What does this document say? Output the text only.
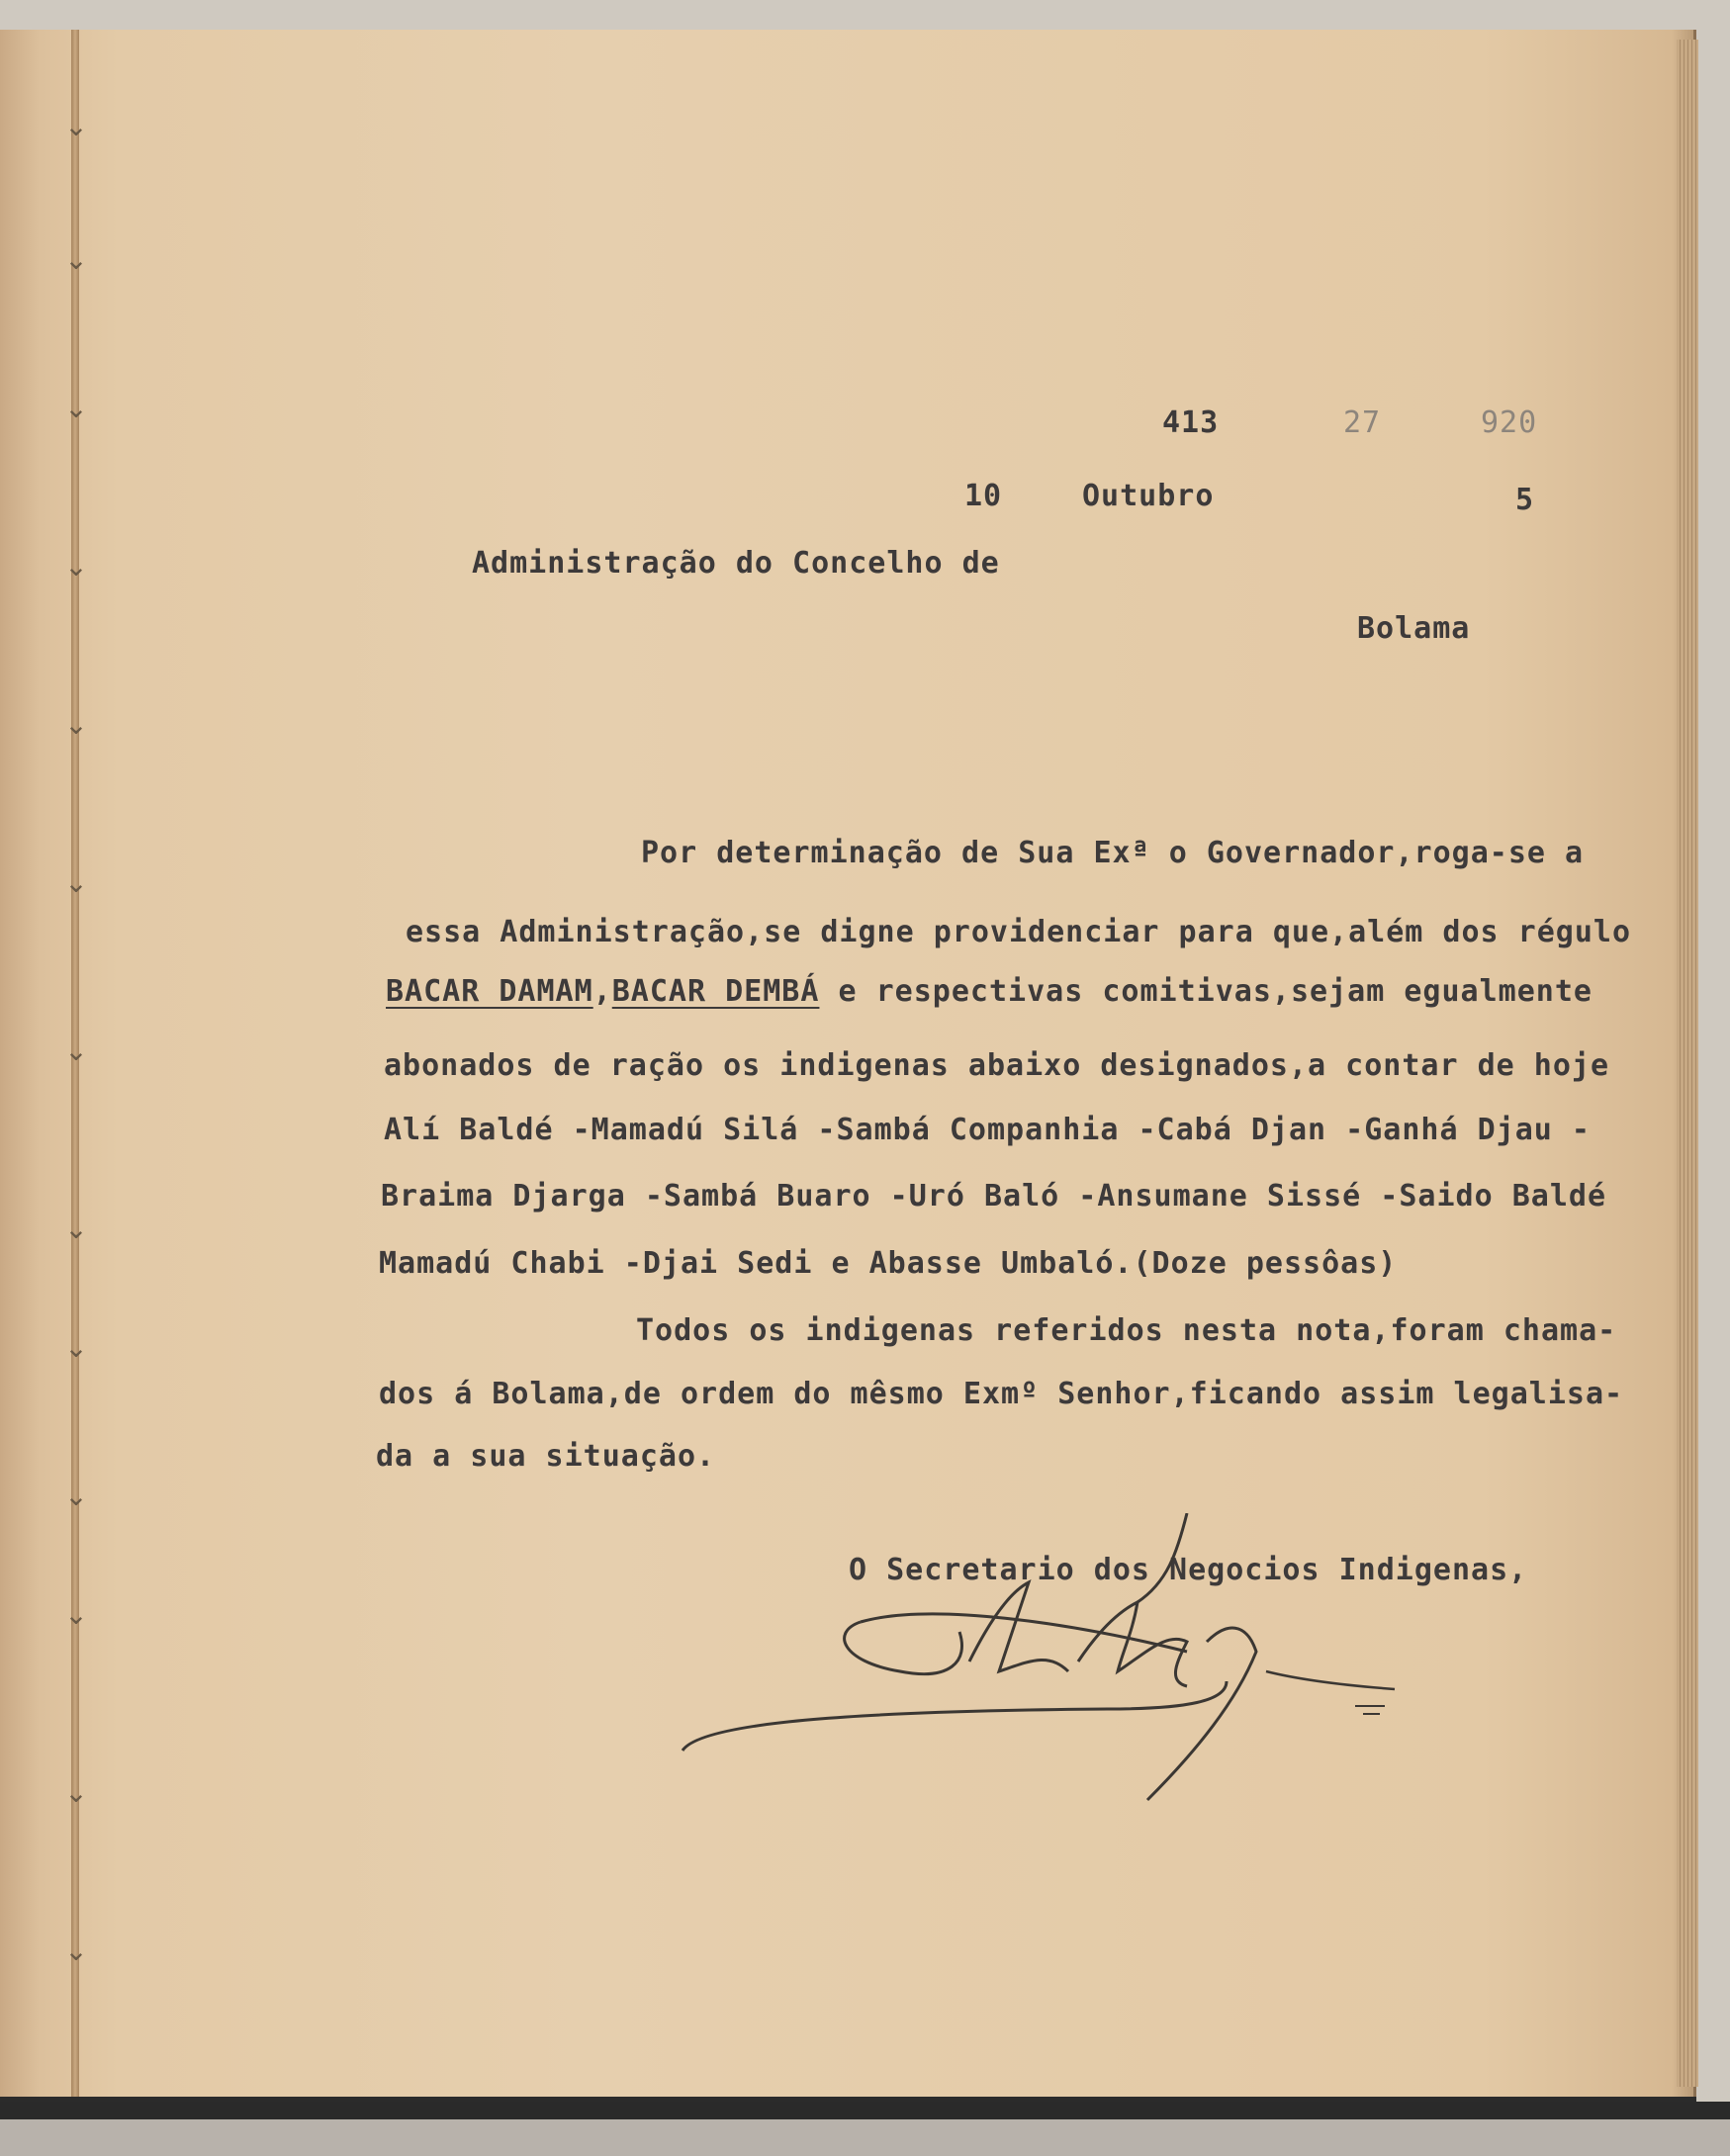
⌄
⌄
⌄
⌄
⌄
⌄
⌄
⌄
⌄
⌄
⌄
⌄
⌄
413	27	920
10	Outubro	5
Administração do Concelho de
Bolama
Por determinação de Sua Exª o Governador,roga-se a
essa Administração,se digne providenciar para que,além dos régulo
BACAR DAMAM,BACAR DEMBÁ e respectivas comitivas,sejam egualmente
abonados de ração os indigenas abaixo designados,a contar de hoje
Alí Baldé -Mamadú Silá -Sambá Companhia -Cabá Djan -Ganhá Djau -
Braima Djarga -Sambá Buaro -Uró Baló -Ansumane Sissé -Saido Baldé
Mamadú Chabi -Djai Sedi e Abasse Umbaló.(Doze pessôas)
Todos os indigenas referidos nesta nota,foram chama-
dos á Bolama,de ordem do mêsmo Exmº Senhor,ficando assim legalisa-
da a sua situação.
O Secretario dos Negocios Indigenas,
